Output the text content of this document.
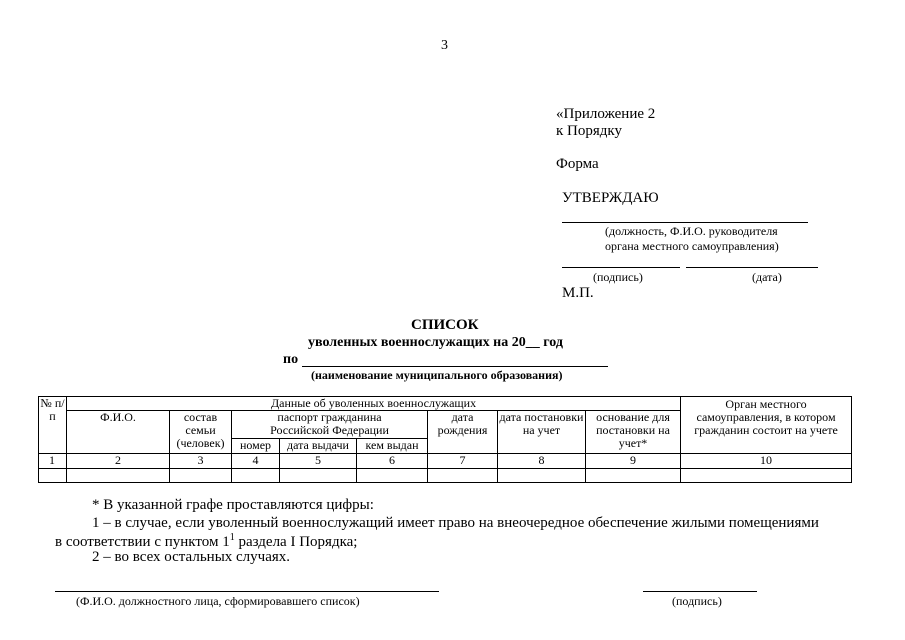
3
«Приложение 2
к Порядку
Форма
УТВЕРЖДАЮ
(должность, Ф.И.О. руководителя
органа местного самоуправления)
(подпись)	(дата)
М.П.
СПИСОК
уволенных военнослужащих на 20__ год
по
(наименование муниципального образования)
№ п/п	Данные об уволенных военнослужащих								Орган местного самоуправления, в котором гражданин состоит на учете
	Ф.И.О.	состав семьи (человек)	паспорт гражданина Российской Федерации			дата рождения	дата постановки на учет	основание для постановки на учет*	
			номер	дата выдачи	кем выдан				
1	2	3	4	5	6	7	8	9	10

* В указанной графе проставляются цифры:
1 – в случае, если уволенный военнослужащий имеет право на внеочередное обеспечение жилыми помещениями
в соответствии с пунктом $1^1$ раздела I Порядка;
2 – во всех остальных случаях.
(Ф.И.О. должностного лица, сформировавшего список)	(подпись)
